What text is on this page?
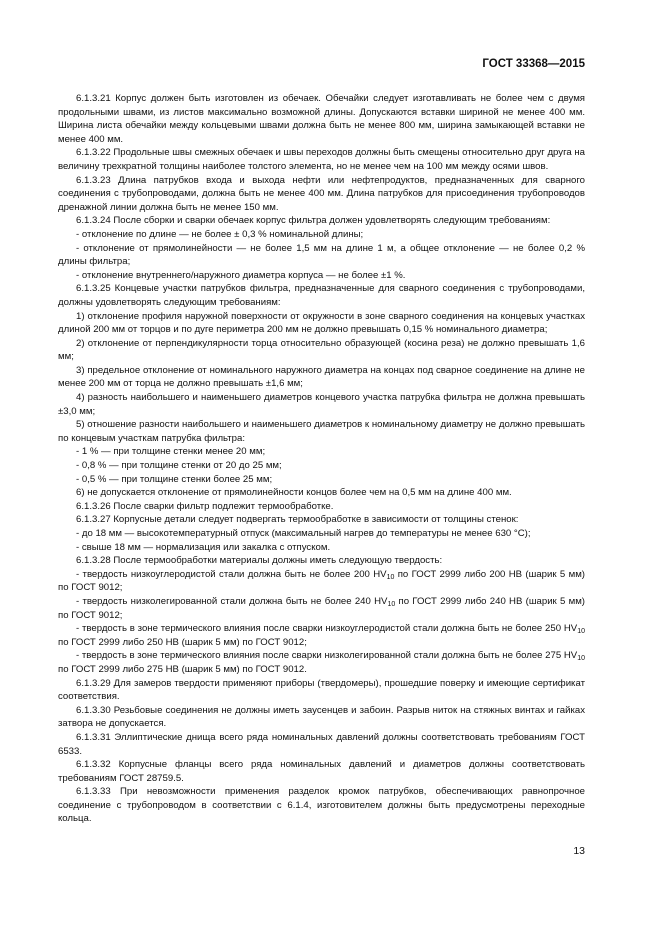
ГОСТ 33368—2015

6.1.3.21 Корпус должен быть изготовлен из обечаек. Обечайки следует изготавливать не более чем с двумя продольными швами, из листов максимально возможной длины. Допускаются вставки шириной не менее 400 мм. Ширина листа обечайки между кольцевыми швами должна быть не менее 800 мм, ширина замыкающей вставки не менее 400 мм.

6.1.3.22 Продольные швы смежных обечаек и швы переходов должны быть смещены относительно друг друга на величину трехкратной толщины наиболее толстого элемента, но не менее чем на 100 мм между осями швов.

6.1.3.23 Длина патрубков входа и выхода нефти или нефтепродуктов, предназначенных для сварного соединения с трубопроводами, должна быть не менее 400 мм. Длина патрубков для присоединения трубопроводов дренажной линии должна быть не менее 150 мм.

6.1.3.24 После сборки и сварки обечаек корпус фильтра должен удовлетворять следующим требованиям:

- отклонение по длине — не более ± 0,3 % номинальной длины;

- отклонение от прямолинейности — не более 1,5 мм на длине 1 м, а общее отклонение — не более 0,2 % длины фильтра;

- отклонение внутреннего/наружного диаметра корпуса — не более ±1 %.

6.1.3.25 Концевые участки патрубков фильтра, предназначенные для сварного соединения с трубопроводами, должны удовлетворять следующим требованиям:

1) отклонение профиля наружной поверхности от окружности в зоне сварного соединения на концевых участках длиной 200 мм от торцов и по дуге периметра 200 мм не должно превышать 0,15 % номинального диаметра;

2) отклонение от перпендикулярности торца относительно образующей (косина реза) не должно превышать 1,6 мм;

3) предельное отклонение от номинального наружного диаметра на концах под сварное соединение на длине не менее 200 мм от торца не должно превышать ±1,6 мм;

4) разность наибольшего и наименьшего диаметров концевого участка патрубка фильтра не должна превышать ±3,0 мм;

5) отношение разности наибольшего и наименьшего диаметров к номинальному диаметру не должно превышать по концевым участкам патрубка фильтра:

- 1 % — при толщине стенки менее 20 мм;

- 0,8 % — при толщине стенки от 20 до 25 мм;

- 0,5 % — при толщине стенки более 25 мм;

6) не допускается отклонение от прямолинейности концов более чем на 0,5 мм на длине 400 мм.

6.1.3.26 После сварки фильтр подлежит термообработке.

6.1.3.27 Корпусные детали следует подвергать термообработке в зависимости от толщины стенок:

- до 18 мм — высокотемпературный отпуск (максимальный нагрев до температуры не менее 630 °С);

- свыше 18 мм — нормализация или закалка с отпуском.

6.1.3.28 После термообработки материалы должны иметь следующую твердость:

- твердость низкоуглеродистой стали должна быть не более 200 $HV_{10}$ по ГОСТ 2999 либо 200 HB (шарик 5 мм) по ГОСТ 9012;

- твердость низколегированной стали должна быть не более 240 $HV_{10}$ по ГОСТ 2999 либо 240 HB (шарик 5 мм) по ГОСТ 9012;

- твердость в зоне термического влияния после сварки низкоуглеродистой стали должна быть не более 250 $HV_{10}$ по ГОСТ 2999 либо 250 HB (шарик 5 мм) по ГОСТ 9012;

- твердость в зоне термического влияния после сварки низколегированной стали должна быть не более 275 $HV_{10}$ по ГОСТ 2999 либо 275 HB (шарик 5 мм) по ГОСТ 9012.

6.1.3.29 Для замеров твердости применяют приборы (твердомеры), прошедшие поверку и имеющие сертификат соответствия.

6.1.3.30 Резьбовые соединения не должны иметь заусенцев и забоин. Разрыв ниток на стяжных винтах и гайках затвора не допускается.

6.1.3.31 Эллиптические днища всего ряда номинальных давлений должны соответствовать требованиям ГОСТ 6533.

6.1.3.32 Корпусные фланцы всего ряда номинальных давлений и диаметров должны соответствовать требованиям ГОСТ 28759.5.

6.1.3.33 При невозможности применения разделок кромок патрубков, обеспечивающих равнопрочное соединение с трубопроводом в соответствии с 6.1.4, изготовителем должны быть предусмотрены переходные кольца.

13
